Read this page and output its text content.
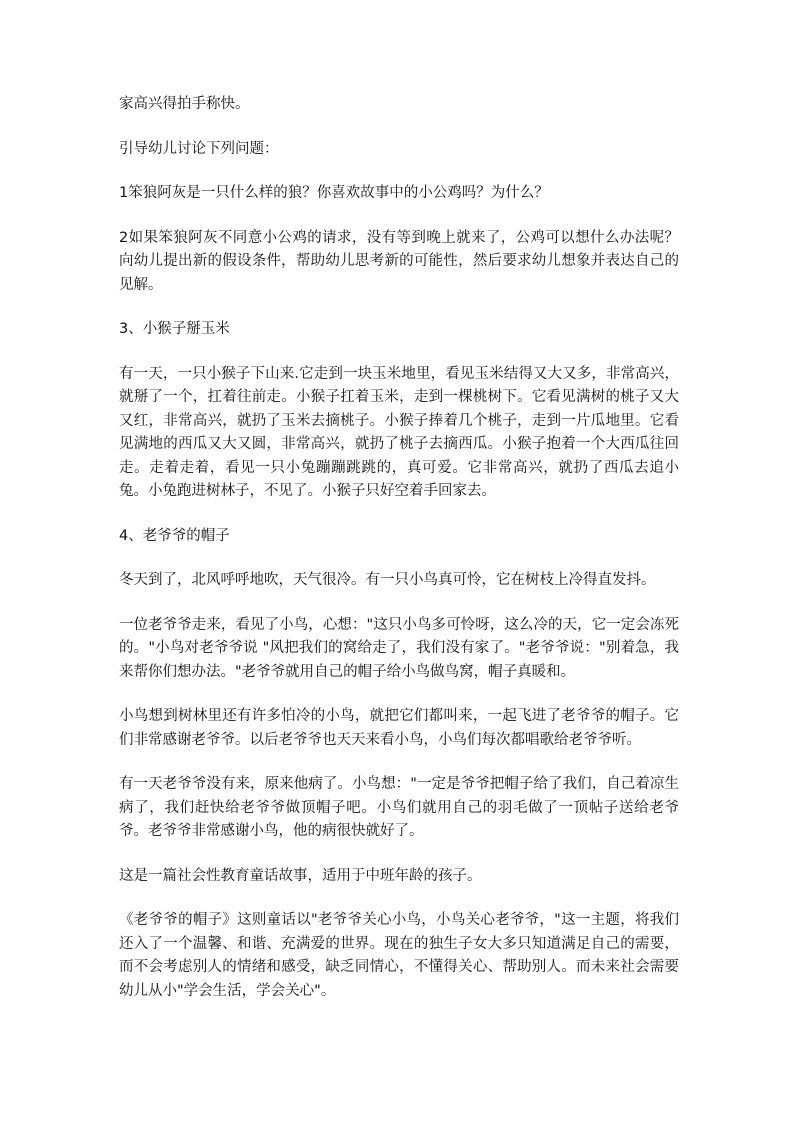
家高兴得拍手称快。

引导幼儿讨论下列问题：

1笨狼阿灰是一只什么样的狼？你喜欢故事中的小公鸡吗？为什么？

2如果笨狼阿灰不同意小公鸡的请求，没有等到晚上就来了，公鸡可以想什么办法呢？向幼儿提出新的假设条件，帮助幼儿思考新的可能性，然后要求幼儿想象并表达自己的见解。

3、小猴子掰玉米

有一天，一只小猴子下山来.它走到一块玉米地里，看见玉米结得又大又多，非常高兴，就掰了一个，扛着往前走。小猴子扛着玉米，走到一棵桃树下。它看见满树的桃子又大又红，非常高兴，就扔了玉米去摘桃子。小猴子捧着几个桃子，走到一片瓜地里。它看见满地的西瓜又大又圆，非常高兴，就扔了桃子去摘西瓜。小猴子抱着一个大西瓜往回走。走着走着，看见一只小兔蹦蹦跳跳的，真可爱。它非常高兴，就扔了西瓜去追小兔。小兔跑进树林子，不见了。小猴子只好空着手回家去。

4、老爷爷的帽子

冬天到了，北风呼呼地吹，天气很冷。有一只小鸟真可怜，它在树枝上冷得直发抖。

一位老爷爷走来，看见了小鸟，心想："这只小鸟多可怜呀，这么冷的天，它一定会冻死的。"小鸟对老爷爷说 "风把我们的窝给走了，我们没有家了。"老爷爷说："别着急，我来帮你们想办法。"老爷爷就用自己的帽子给小鸟做鸟窝，帽子真暖和。

小鸟想到树林里还有许多怕冷的小鸟，就把它们都叫来，一起飞进了老爷爷的帽子。它们非常感谢老爷爷。以后老爷爷也天天来看小鸟，小鸟们每次都唱歌给老爷爷听。

有一天老爷爷没有来，原来他病了。小鸟想："一定是爷爷把帽子给了我们，自己着凉生病了，我们赶快给老爷爷做顶帽子吧。小鸟们就用自己的羽毛做了一顶帖子送给老爷爷。老爷爷非常感谢小鸟，他的病很快就好了。

这是一篇社会性教育童话故事，适用于中班年龄的孩子。

《老爷爷的帽子》这则童话以"老爷爷关心小鸟，小鸟关心老爷爷，"这一主题，将我们还入了一个温馨、和谐、充满爱的世界。现在的独生子女大多只知道满足自己的需要，而不会考虑别人的情绪和感受，缺乏同情心，不懂得关心、帮助别人。而未来社会需要幼儿从小"学会生活，学会关心"。
